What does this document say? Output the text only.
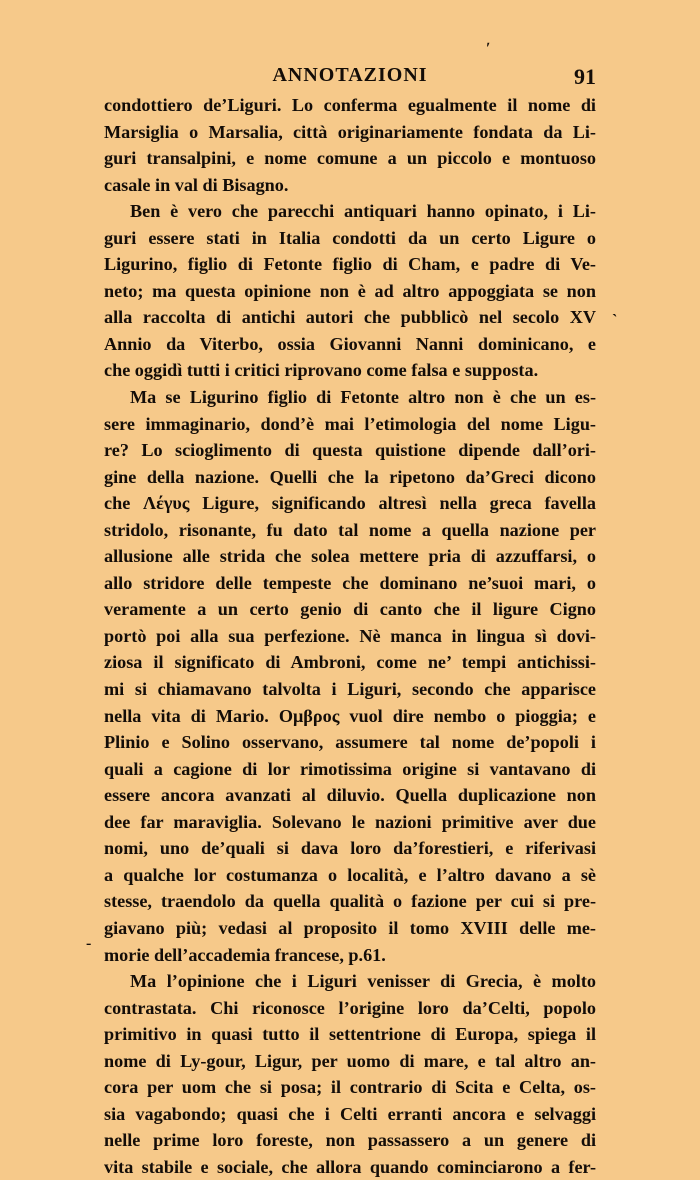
ʹ
ˎ
-
ANNOTAZIONI	91
condottiero de’Liguri. Lo conferma egualmente il nome di
Marsiglia o Marsalia, città originariamente fondata da Li-
guri transalpini, e nome comune a un piccolo e montuoso
casale in val di Bisagno.
Ben è vero che parecchi antiquari hanno opinato, i Li-
guri essere stati in Italia condotti da un certo Ligure o
Ligurino, figlio di Fetonte figlio di Cham, e padre di Ve-
neto; ma questa opinione non è ad altro appoggiata se non
alla raccolta di antichi autori che pubblicò nel secolo XV
Annio da Viterbo, ossia Giovanni Nanni dominicano, e
che oggidì tutti i critici riprovano come falsa e supposta.
Ma se Ligurino figlio di Fetonte altro non è che un es-
sere immaginario, dond’è mai l’etimologia del nome Ligu-
re? Lo scioglimento di questa quistione dipende dall’ori-
gine della nazione. Quelli che la ripetono da’Greci dicono
che Λέγυς Ligure, significando altresì nella greca favella
stridolo, risonante, fu dato tal nome a quella nazione per
allusione alle strida che solea mettere pria di azzuffarsi, o
allo stridore delle tempeste che dominano ne’suoi mari, o
veramente a un certo genio di canto che il ligure Cigno
portò poi alla sua perfezione. Nè manca in lingua sì dovi-
ziosa il significato di Ambroni, come ne’ tempi antichissi-
mi si chiamavano talvolta i Liguri, secondo che apparisce
nella vita di Mario. Ομβρος vuol dire nembo o pioggia; e
Plinio e Solino osservano, assumere tal nome de’popoli i
quali a cagione di lor rimotissima origine si vantavano di
essere ancora avanzati al diluvio. Quella duplicazione non
dee far maraviglia. Solevano le nazioni primitive aver due
nomi, uno de’quali si dava loro da’forestieri, e riferivasi
a qualche lor costumanza o località, e l’altro davano a sè
stesse, traendolo da quella qualità o fazione per cui si pre-
giavano più; vedasi al proposito il tomo XVIII delle me-
morie dell’accademia francese, p.61.
Ma l’opinione che i Liguri venisser di Grecia, è molto
contrastata. Chi riconosce l’origine loro da’Celti, popolo
primitivo in quasi tutto il settentrione di Europa, spiega il
nome di Ly-gour, Ligur, per uomo di mare, e tal altro an-
cora per uom che si posa; il contrario di Scita e Celta, os-
sia vagabondo; quasi che i Celti erranti ancora e selvaggi
nelle prime loro foreste, non passassero a un genere di
vita stabile e sociale, che allora quando cominciarono a fer-
